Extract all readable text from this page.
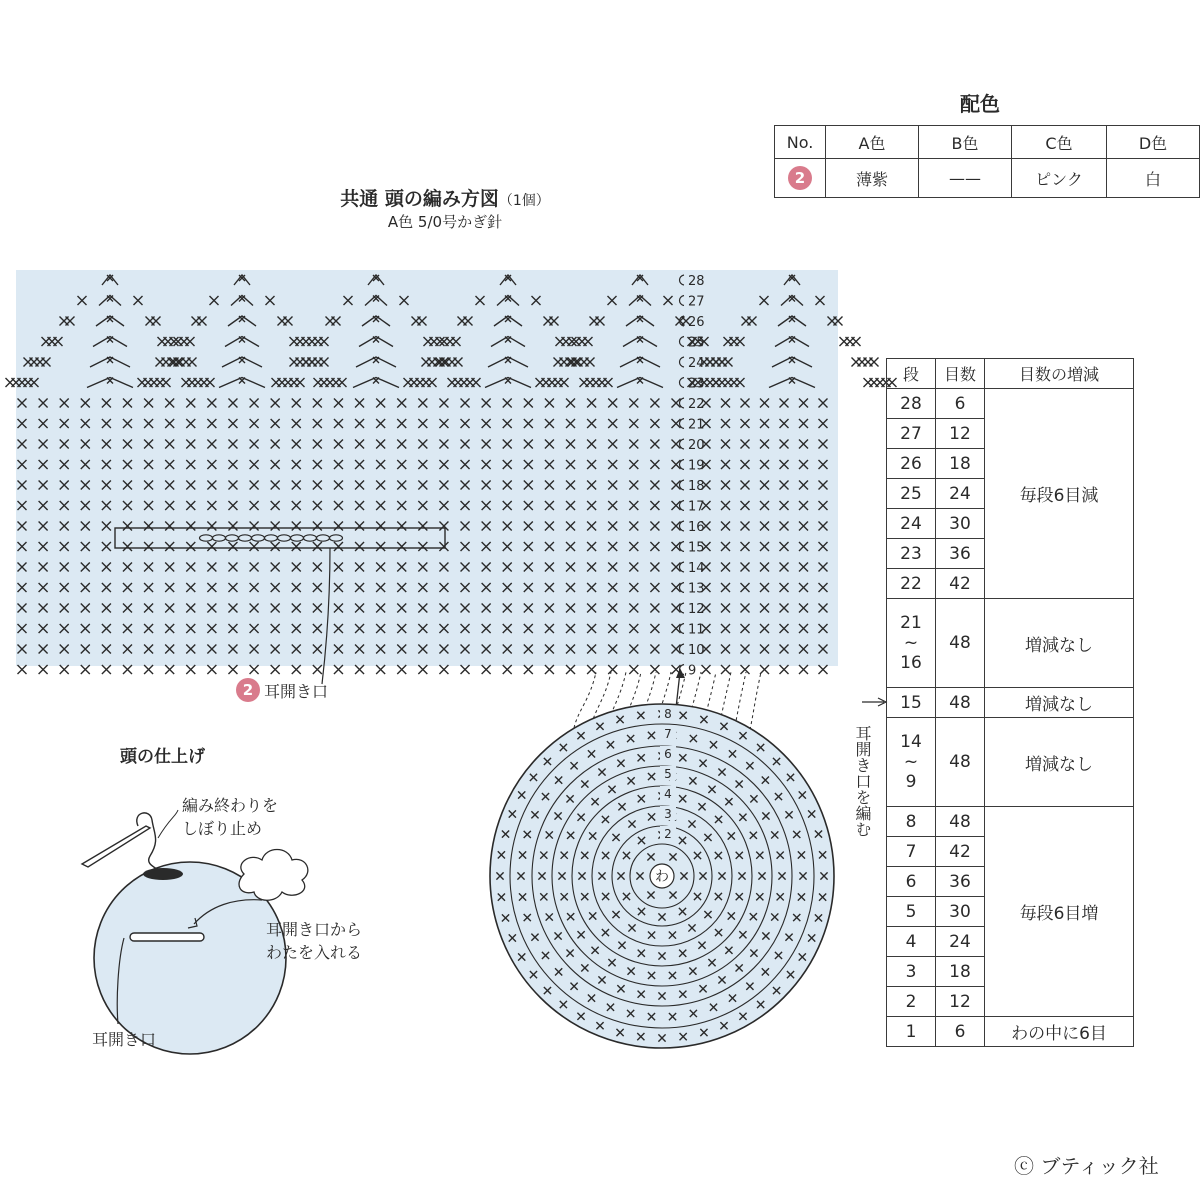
配色
No.	A色	B色	C色	D色
2	薄紫	——	ピンク	白
共通 頭の編み方図（1個）
A色 5/0号かぎ針
28
27
26
25
24
23
22
21
20
19
18
17
16
15
14
13
12
11
10
9
わ
8
7
6
5
4
3
2
2 耳開き口
段	目数	目数の増減
28	6	毎段6目減
27	12	
26	18	
25	24	
24	30	
23	36	
22	42	

21
~
16	48	増減なし
15	48	増減なし

14
~
9	48	増減なし
8	48	毎段6目増
7	42	
6	36	
5	30	
4	24	
3	18	
2	12	
1	6	わの中に6目
耳開き口を編む
頭の仕上げ
編み終わりを
しぼり止め
耳開き口から
わたを入れる
耳開き口
ⓒ ブティック社
